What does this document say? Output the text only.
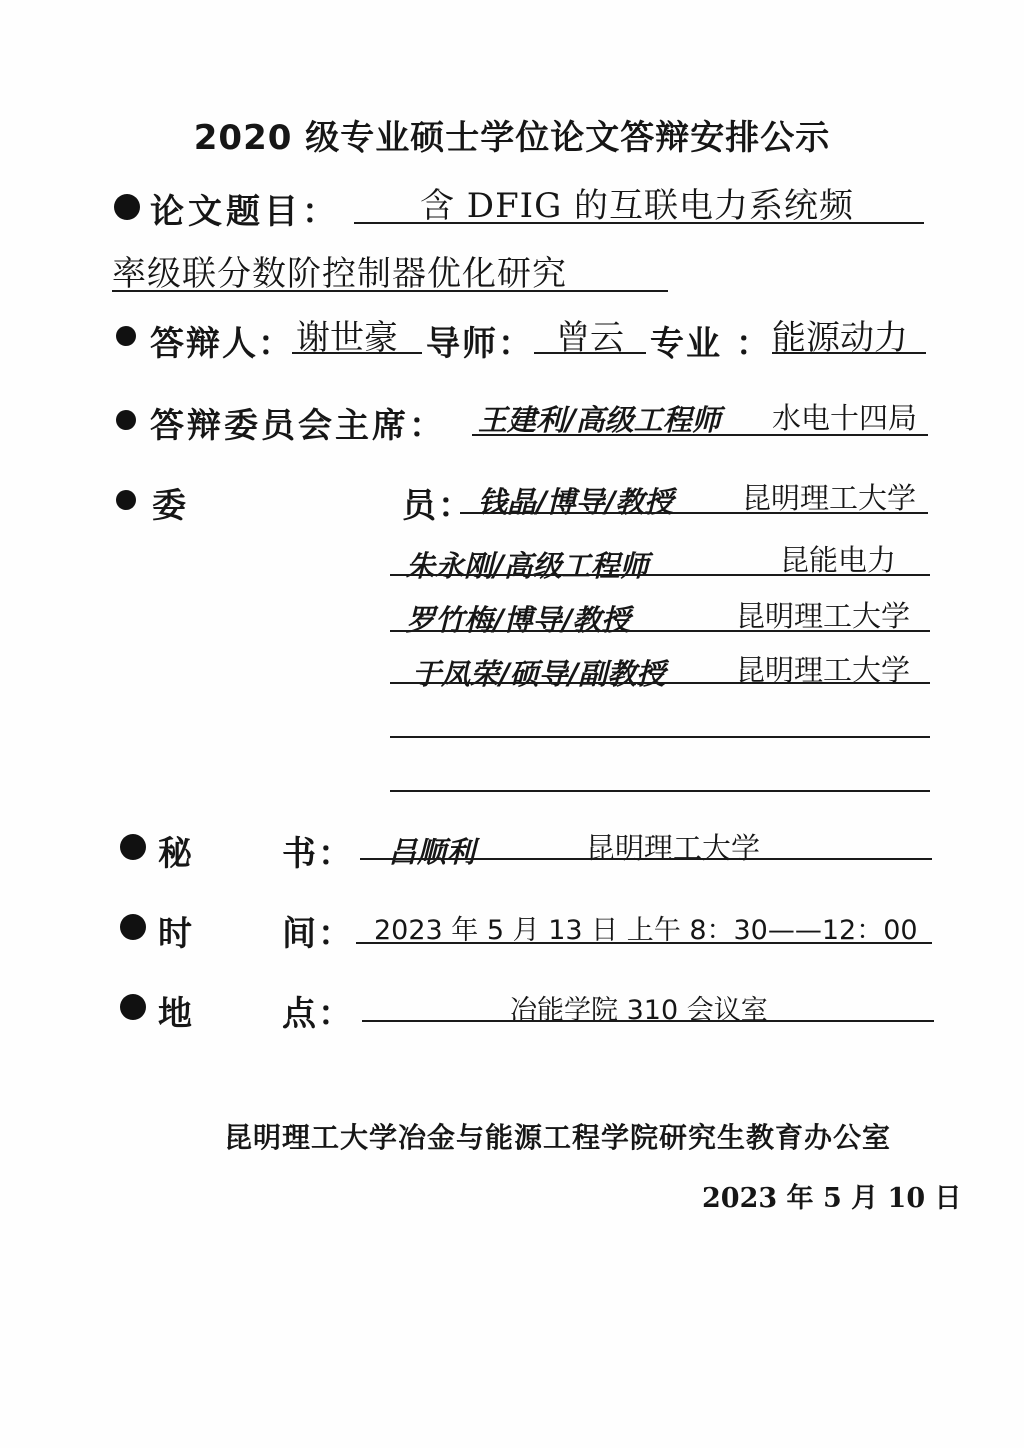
2020 级专业硕士学位论文答辩安排公示
论文题目： 含 DFIG 的互联电力系统频
率级联分数阶控制器优化研究
答辩人： 谢世豪 导师： 曾云 专业 ： 能源动力
答辩委员会主席： 王建利/高级工程师 水电十四局
委	员： 钱晶/博导/教授 昆明理工大学
朱永刚/高级工程师	昆能电力
罗竹梅/博导/教授	昆明理工大学
于凤荣/硕导/副教授 昆明理工大学
秘	书： 吕顺利	昆明理工大学
时	间： 2023 年 5 月 13 日 上午 8：30——12：00
地	点：	冶能学院 310 会议室
昆明理工大学冶金与能源工程学院研究生教育办公室
2023 年 5 月 10 日
